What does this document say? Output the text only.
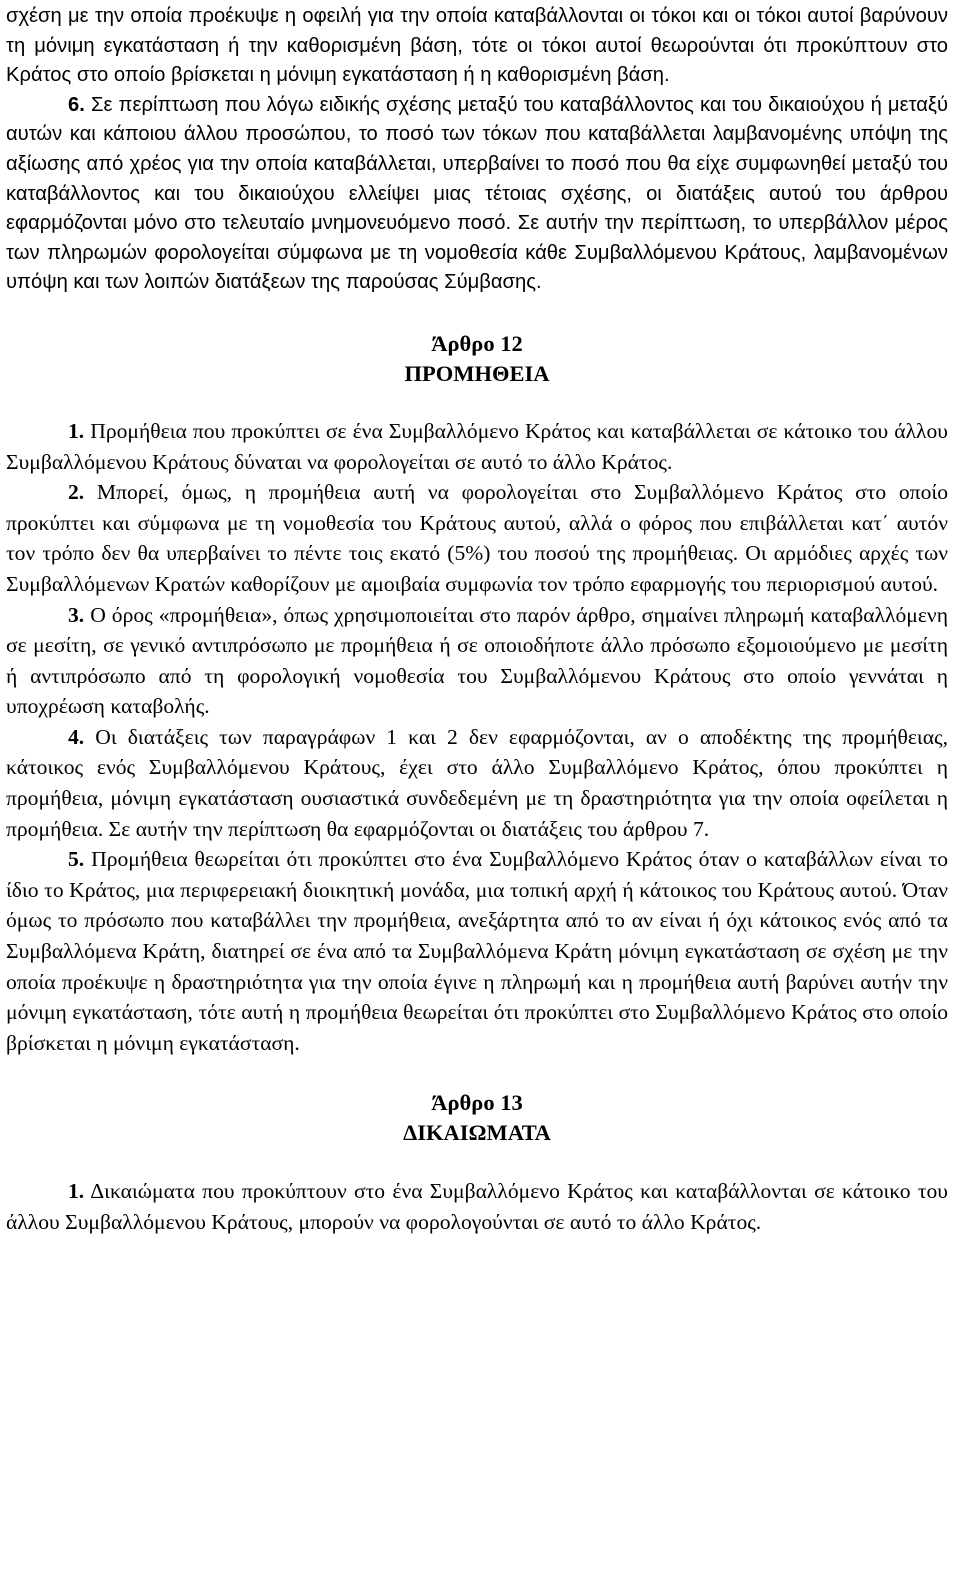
σχέση με την οποία προέκυψε η οφειλή για την οποία καταβάλλονται οι τόκοι και οι τόκοι αυτοί βαρύνουν τη μόνιμη εγκατάσταση ή την καθορισμένη βάση, τότε οι τόκοι αυτοί θεωρούνται ότι προκύπτουν στο Κράτος στο οποίο βρίσκεται η μόνιμη εγκατάσταση ή η καθορισμένη βάση.

6. Σε περίπτωση που λόγω ειδικής σχέσης μεταξύ του καταβάλλοντος και του δικαιούχου ή μεταξύ αυτών και κάποιου άλλου προσώπου, το ποσό των τόκων που καταβάλλεται λαμβανομένης υπόψη της αξίωσης από χρέος για την οποία καταβάλλεται, υπερβαίνει το ποσό που θα είχε συμφωνηθεί μεταξύ του καταβάλλοντος και του δικαιούχου ελλείψει μιας τέτοιας σχέσης, οι διατάξεις αυτού του άρθρου εφαρμόζονται μόνο στο τελευταίο μνημονευόμενο ποσό. Σε αυτήν την περίπτωση, το υπερβάλλον μέρος των πληρωμών φορολογείται σύμφωνα με τη νομοθεσία κάθε Συμβαλλόμενου Κράτους, λαμβανομένων υπόψη και των λοιπών διατάξεων της παρούσας Σύμβασης.

Άρθρο 12
ΠΡΟΜΗΘΕΙΑ

1. Προμήθεια που προκύπτει σε ένα Συμβαλλόμενο Κράτος και καταβάλλεται σε κάτοικο του άλλου Συμβαλλόμενου Κράτους δύναται να φορολογείται σε αυτό το άλλο Κράτος.

2. Μπορεί, όμως, η προμήθεια αυτή να φορολογείται στο Συμβαλλόμενο Κράτος στο οποίο προκύπτει και σύμφωνα με τη νομοθεσία του Κράτους αυτού, αλλά ο φόρος που επιβάλλεται κατ΄ αυτόν τον τρόπο δεν θα υπερβαίνει το πέντε τοις εκατό (5%) του ποσού της προμήθειας. Οι αρμόδιες αρχές των Συμβαλλόμενων Κρατών καθορίζουν με αμοιβαία συμφωνία τον τρόπο εφαρμογής του περιορισμού αυτού.

3. Ο όρος «προμήθεια», όπως χρησιμοποιείται στο παρόν άρθρο, σημαίνει πληρωμή καταβαλλόμενη σε μεσίτη, σε γενικό αντιπρόσωπο με προμήθεια ή σε οποιοδήποτε άλλο πρόσωπο εξομοιούμενο με μεσίτη ή αντιπρόσωπο από τη φορολογική νομοθεσία του Συμβαλλόμενου Κράτους στο οποίο γεννάται η υποχρέωση καταβολής.

4. Οι διατάξεις των παραγράφων 1 και 2 δεν εφαρμόζονται, αν ο αποδέκτης της προμήθειας, κάτοικος ενός Συμβαλλόμενου Κράτους, έχει στο άλλο Συμβαλλόμενο Κράτος, όπου προκύπτει η προμήθεια, μόνιμη εγκατάσταση ουσιαστικά συνδεδεμένη με τη δραστηριότητα για την οποία οφείλεται η προμήθεια. Σε αυτήν την περίπτωση θα εφαρμόζονται οι διατάξεις του άρθρου 7.

5. Προμήθεια θεωρείται ότι προκύπτει στο ένα Συμβαλλόμενο Κράτος όταν ο καταβάλλων είναι το ίδιο το Κράτος, μια περιφερειακή διοικητική μονάδα, μια τοπική αρχή ή κάτοικος του Κράτους αυτού. Όταν όμως το πρόσωπο που καταβάλλει την προμήθεια, ανεξάρτητα από το αν είναι ή όχι κάτοικος ενός από τα Συμβαλλόμενα Κράτη, διατηρεί σε ένα από τα Συμβαλλόμενα Κράτη μόνιμη εγκατάσταση σε σχέση με την οποία προέκυψε η δραστηριότητα για την οποία έγινε η πληρωμή και η προμήθεια αυτή βαρύνει αυτήν την μόνιμη εγκατάσταση, τότε αυτή η προμήθεια θεωρείται ότι προκύπτει στο Συμβαλλόμενο Κράτος στο οποίο βρίσκεται η μόνιμη εγκατάσταση.

Άρθρο 13
ΔΙΚΑΙΩΜΑΤΑ

1. Δικαιώματα που προκύπτουν στο ένα Συμβαλλόμενο Κράτος και καταβάλλονται σε κάτοικο του άλλου Συμβαλλόμενου Κράτους, μπορούν να φορολογούνται σε αυτό το άλλο Κράτος.
